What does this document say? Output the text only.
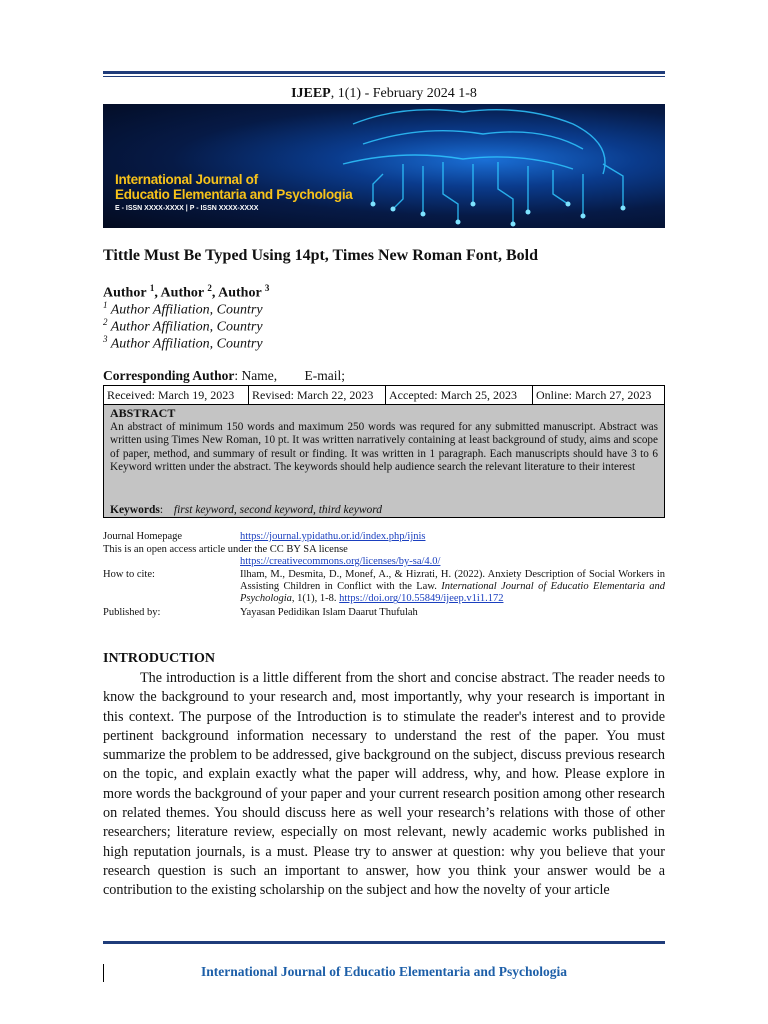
IJEEP, 1(1) - February 2024 1-8
International Journal of
Educatio Elementaria and Psychologia
E - ISSN XXXX-XXXX | P - ISSN XXXX-XXXX
Tittle Must Be Typed Using 14pt, Times New Roman Font, Bold
Author $^1$, Author $^2$, Author $^3$
$^1$ Author Affiliation, Country
$^2$ Author Affiliation, Country
$^3$ Author Affiliation, Country
Corresponding Author: Name, E-mail;
Received: March 19, 2023	Revised: March 22, 2023	Accepted: March 25, 2023	Online: March 27, 2023
ABSTRACT
An abstract of minimum 150 words and maximum 250 words was requred for any submitted manuscript. Abstract was written using Times New Roman, 10 pt. It was written narratively containing at least background of study, aims and scope of paper, method, and summary of result or finding. It was written in 1 paragraph. Each manuscripts should have 3 to 6 Keyword written under the abstract. The keywords should help audience search the relevant literature to their interest
Keywords: first keyword, second keyword, third keyword
Journal Homepage	https://journal.ypidathu.or.id/index.php/ijnis
This is an open access article under the CC BY SA license
https://creativecommons.org/licenses/by-sa/4.0/
How to cite:	Ilham, M., Desmita, D., Monef, A., & Hizrati, H. (2022). Anxiety Description of Social Workers in Assisting Children in Conflict with the Law. International Journal of Educatio Elementaria and Psychologia, 1(1), 1-8. https://doi.org/10.55849/ijeep.v1i1.172
Published by:	Yayasan Pedidikan Islam Daarut Thufulah
INTRODUCTION
The introduction is a little different from the short and concise abstract. The reader needs to know the background to your research and, most importantly, why your research is important in this context. The purpose of the Introduction is to stimulate the reader's interest and to provide pertinent background information necessary to understand the rest of the paper. You must summarize the problem to be addressed, give background on the subject, discuss previous research on the topic, and explain exactly what the paper will address, why, and how. Please explore in more words the background of your paper and your current research position among other research on related themes. You should discuss here as well your research’s relations with those of other researchers; literature review, especially on most relevant, newly academic works published in high reputation journals, is a must. Please try to answer at question: why you believe that your research question is such an important to answer, how you think your answer would be a contribution to the existing scholarship on the subject and how the novelty of your article
International Journal of Educatio Elementaria and Psychologia
